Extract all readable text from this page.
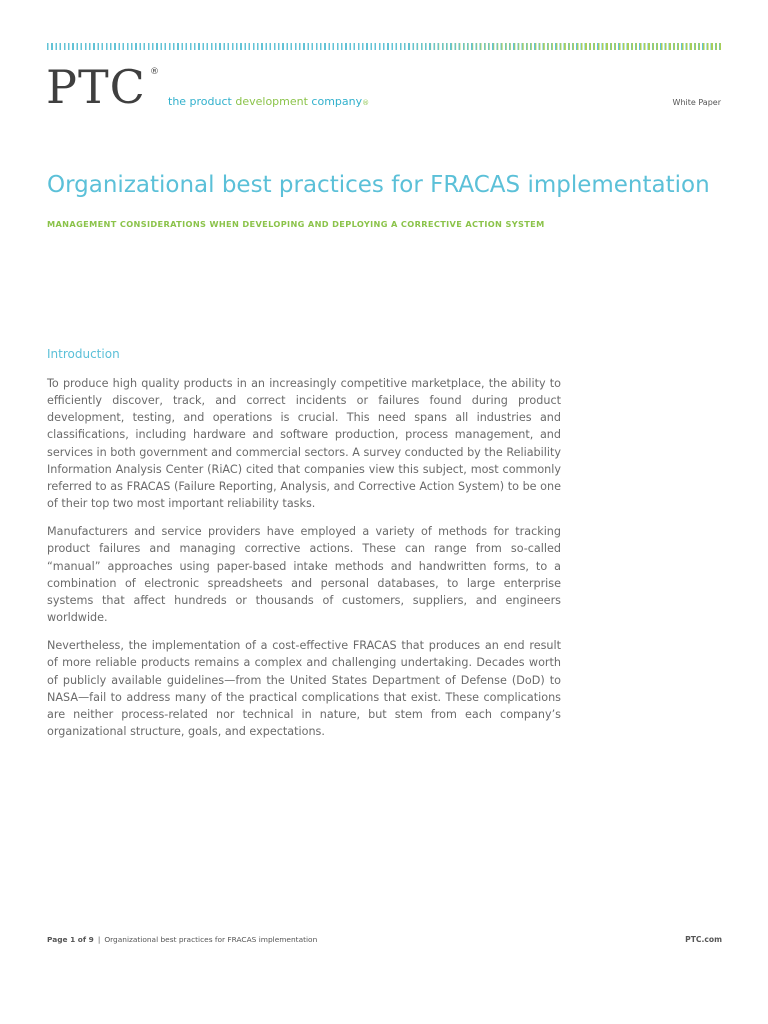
PTC ®
the product development company®	White Paper
Organizational best practices for FRACAS implementation
MANAGEMENT CONSIDERATIONS WHEN DEVELOPING AND DEPLOYING A CORRECTIVE ACTION SYSTEM
Introduction

To produce high quality products in an increasingly competitive marketplace, the ability to efficiently discover, track, and correct incidents or failures found during product development, testing, and operations is crucial. This need spans all industries and classifications, including hardware and software production, process management, and services in both government and commercial sectors. A survey conducted by the Reliability Information Analysis Center (RiAC) cited that companies view this subject, most commonly referred to as FRACAS (Failure Reporting, Analysis, and Corrective Action System) to be one of their top two most important reliability tasks.

Manufacturers and service providers have employed a variety of methods for tracking product failures and managing corrective actions. These can range from so-called “manual” approaches using paper-based intake methods and handwritten forms, to a combination of electronic spreadsheets and personal databases, to large enterprise systems that affect hundreds or thousands of customers, suppliers, and engineers worldwide.

Nevertheless, the implementation of a cost-effective FRACAS that produces an end result of more reliable products remains a complex and challenging undertaking. Decades worth of publicly available guidelines—from the United States Department of Defense (DoD) to NASA—fail to address many of the practical complications that exist. These complications are neither process-related nor technical in nature, but stem from each company’s organizational structure, goals, and expectations.

Page 1 of 9 | Organizational best practices for FRACAS implementation	PTC.com
